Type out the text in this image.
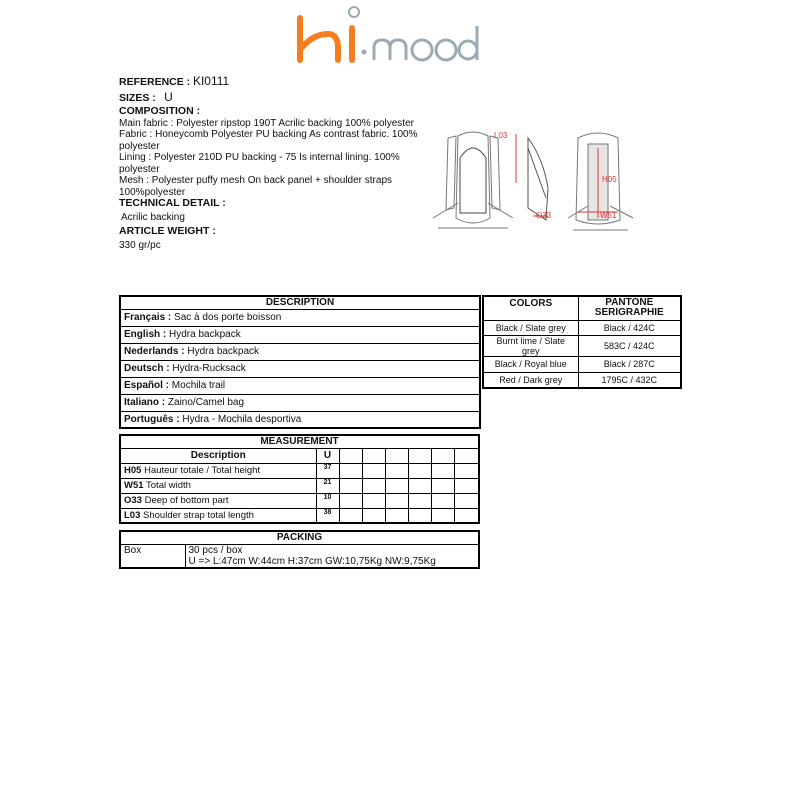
REFERENCE : KI0111
SIZES : U
COMPOSITION :
Main fabric : Polyester ripstop 190T Acrilic backing 100% polyester
Fabric : Honeycomb Polyester PU backing As contrast fabric. 100% polyester
Lining : Polyester 210D PU backing - 75 Is internal lining. 100% polyester
Mesh : Polyester puffy mesh On back panel + shoulder straps 100%polyester
TECHNICAL DETAIL :
Acrilic backing
ARTICLE WEIGHT :
330 gr/pc
L03
O33
H05
W51
DESCRIPTION
Français : Sac à dos porte boisson
English : Hydra backpack
Nederlands : Hydra backpack
Deutsch : Hydra-Rucksack
Español : Mochila trail
Italiano : Zaino/Camel bag
Português : Hydra - Mochila desportiva
COLORS	PANTONE SERIGRAPHIE
Black / Slate grey	Black / 424C
Burnt lime / Slate grey	583C / 424C
Black / Royal blue	Black / 287C
Red / Dark grey	1795C / 432C
MEASUREMENT							
Description	U						
H05 Hauteur totale / Total height	37						
W51 Total width	21						
O33 Deep of bottom part	10						
L03 Shoulder strap total length	38						
PACKING
Box	30 pcs / box
U => L:47cm W:44cm H:37cm GW:10,75Kg NW:9,75Kg
